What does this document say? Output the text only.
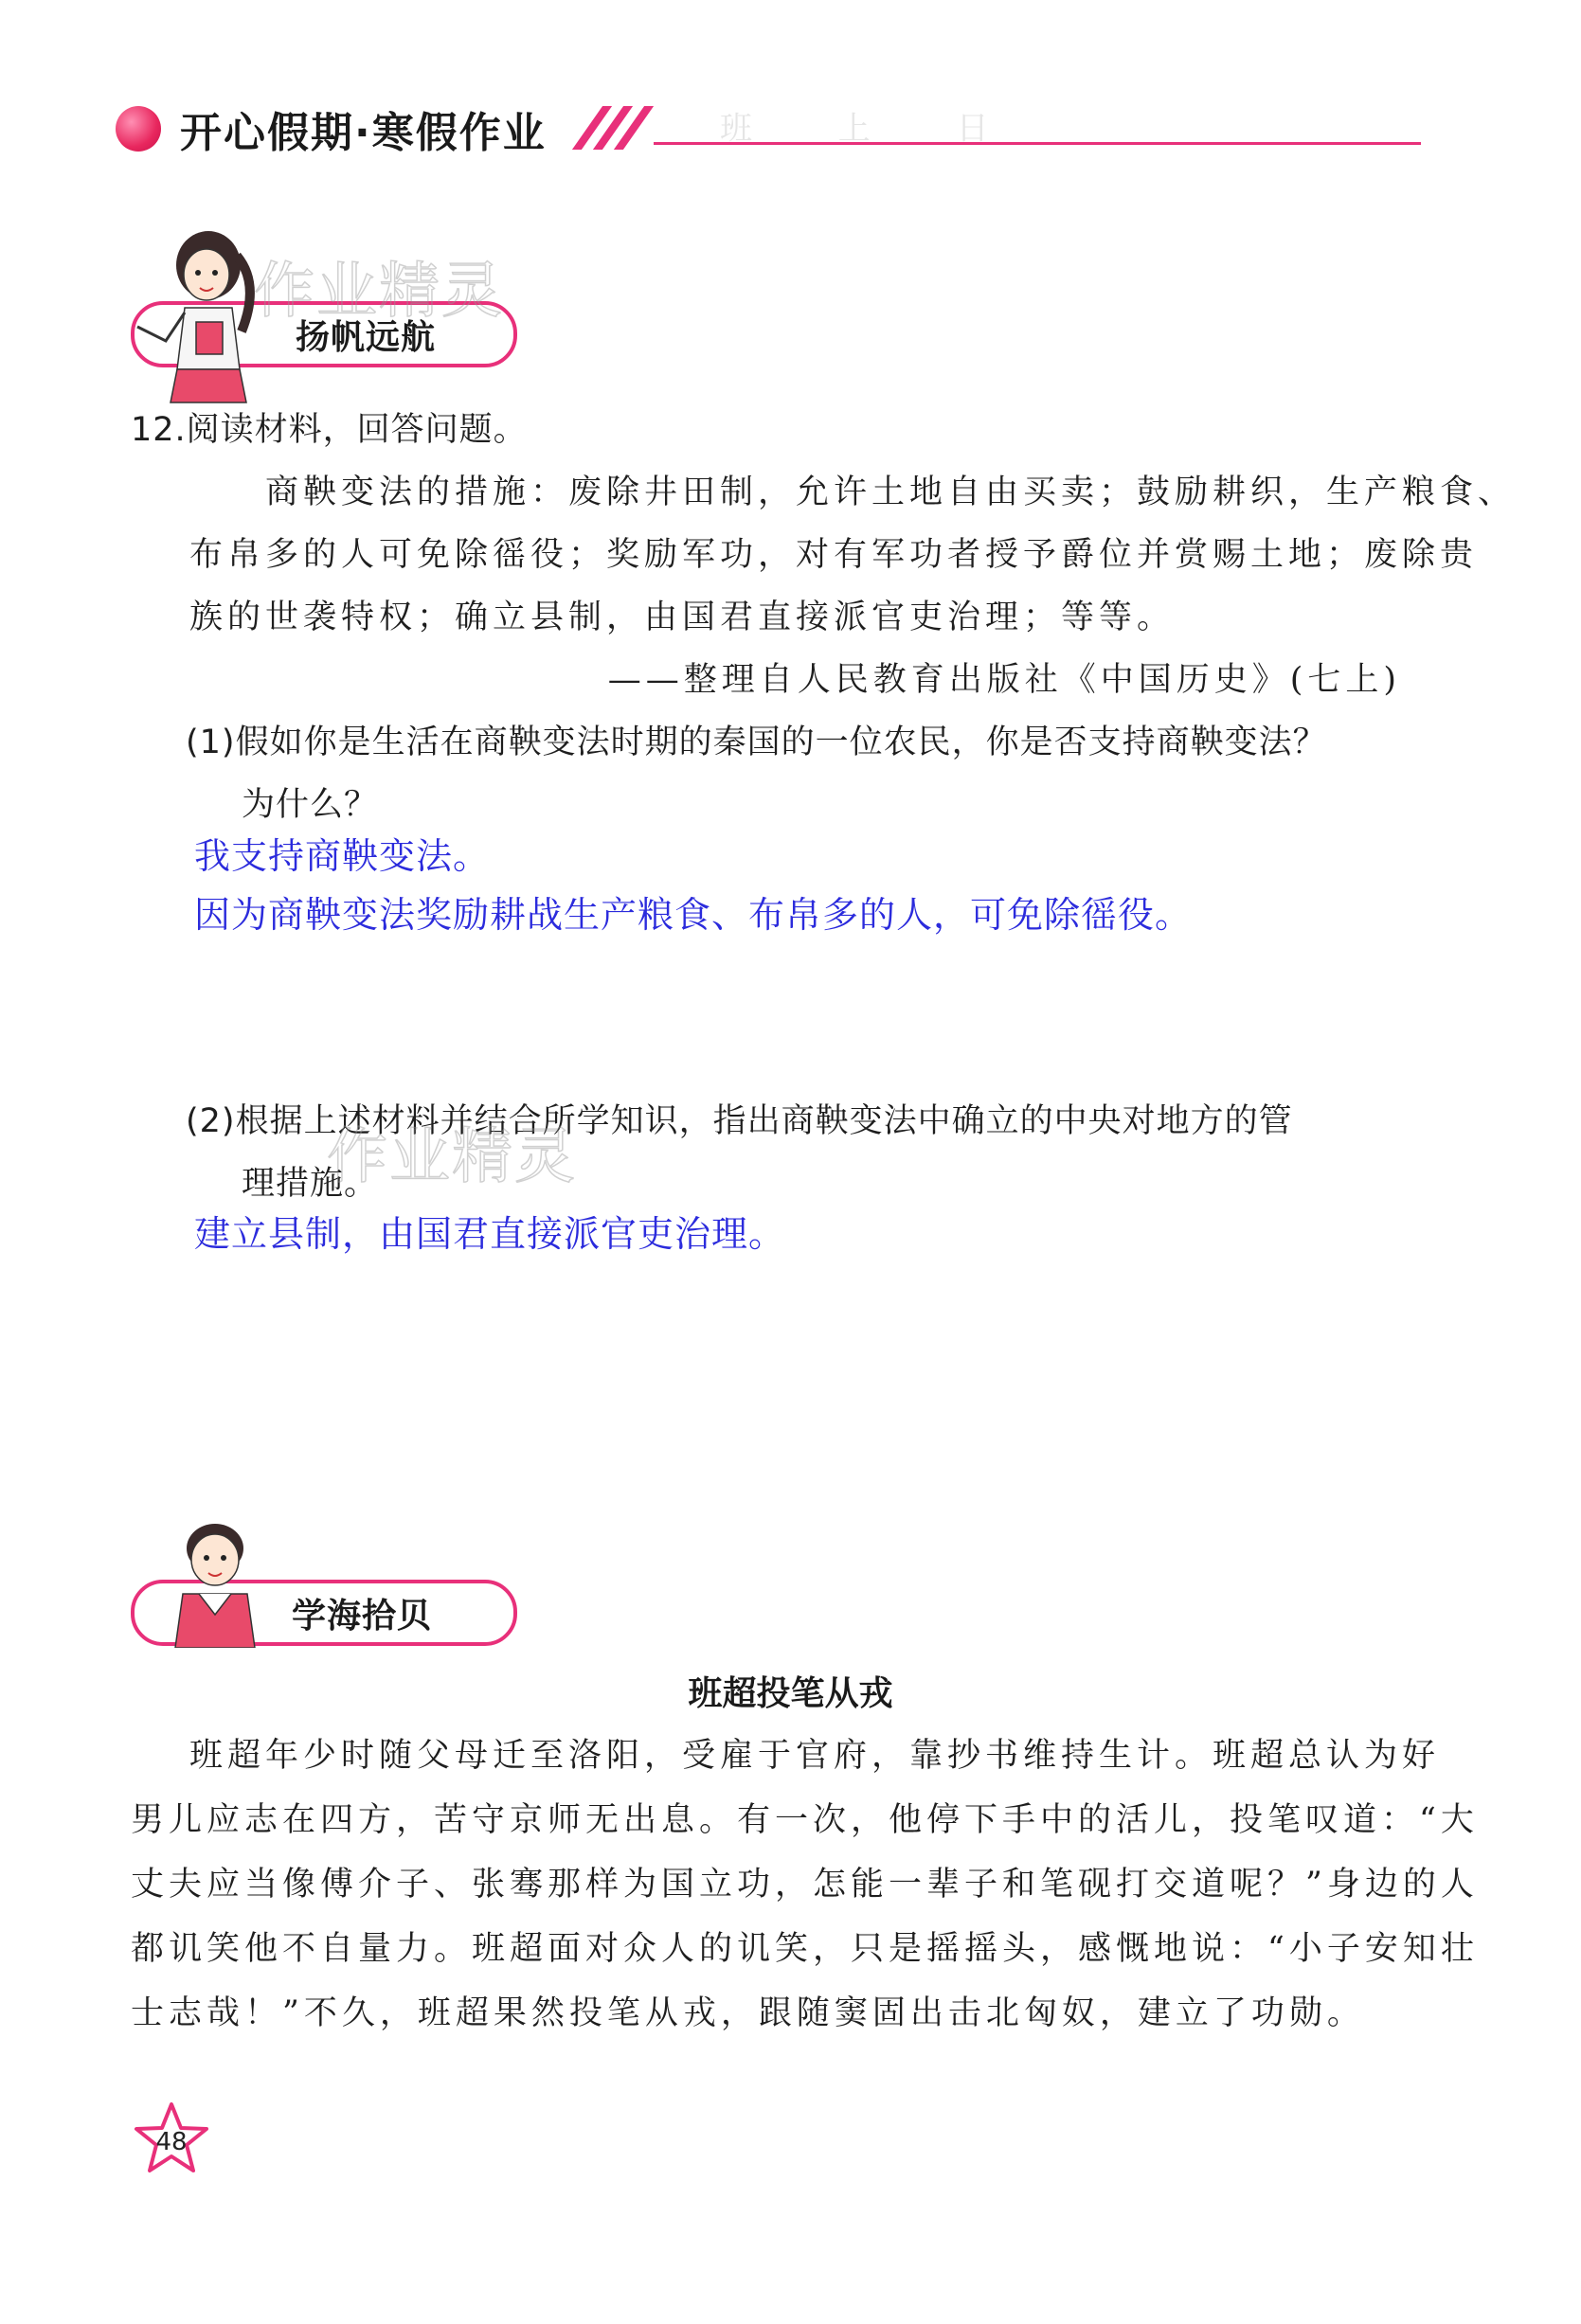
开心假期·寒假作业	班 上 日
扬帆远航
作业精灵
12.阅读材料，回答问题。
商鞅变法的措施：废除井田制，允许土地自由买卖；鼓励耕织，生产粮食、
布帛多的人可免除徭役；奖励军功，对有军功者授予爵位并赏赐土地；废除贵
族的世袭特权；确立县制，由国君直接派官吏治理；等等。
——整理自人民教育出版社《中国历史》(七上)
(1)假如你是生活在商鞅变法时期的秦国的一位农民，你是否支持商鞅变法？
为什么？
我支持商鞅变法。
因为商鞅变法奖励耕战生产粮食、布帛多的人，可免除徭役。
(2)根据上述材料并结合所学知识，指出商鞅变法中确立的中央对地方的管
理措施。
作业精灵
建立县制，由国君直接派官吏治理。
学海拾贝
班超投笔从戎
班超年少时随父母迁至洛阳，受雇于官府，靠抄书维持生计。班超总认为好
男儿应志在四方，苦守京师无出息。有一次，他停下手中的活儿，投笔叹道：“大
丈夫应当像傅介子、张骞那样为国立功，怎能一辈子和笔砚打交道呢？”身边的人
都讥笑他不自量力。班超面对众人的讥笑，只是摇摇头，感慨地说：“小子安知壮
士志哉！”不久，班超果然投笔从戎，跟随窦固出击北匈奴，建立了功勋。
48
